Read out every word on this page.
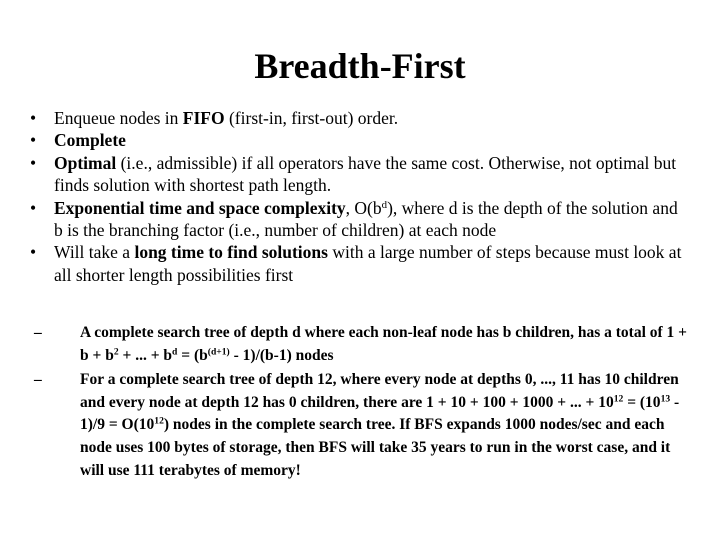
Breadth-First
•	Enqueue nodes in FIFO (first-in, first-out) order.
•	Complete
•	Optimal (i.e., admissible) if all operators have the same cost. Otherwise, not optimal but finds solution with shortest path length.
•	Exponential time and space complexity, $O(b^d)$, where d is the depth of the solution and b is the branching factor (i.e., number of children) at each node
•	Will take a long time to find solutions with a large number of steps because must look at all shorter length possibilities first
–	A complete search tree of depth d where each non-leaf node has b children, has a total of $1 + b + b^2$ + ... + $b^d = (b^{(d+1)} - 1)/(b-1)$ nodes
–	For a complete search tree of depth 12, where every node at depths 0, ..., 11 has 10 children and every node at depth 12 has 0 children, there are 1 + 10 + 100 + 1000 + ... + $10^{12} = (10^{13} - 1)/9 = O(10^{12})$ nodes in the complete search tree. If BFS expands 1000 nodes/sec and each node uses 100 bytes of storage, then BFS will take 35 years to run in the worst case, and it will use 111 terabytes of memory!
